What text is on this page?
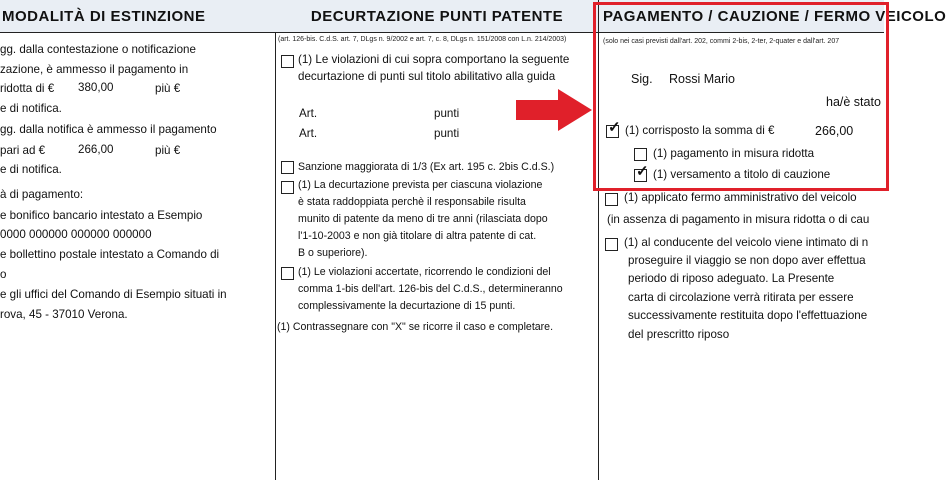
MODALITÀ DI ESTINZIONE
gg. dalla contestazione o notificazione
zazione, è ammesso il pagamento in
ridotta di € 380,00	più €
e di notifica.
gg. dalla notifica è ammesso il pagamento
pari ad €	266,00	più €
e di notifica.
à di pagamento:
e bonifico bancario intestato a Esempio
0000 000000 000000 000000
e bollettino postale intestato a Comando di
o
e gli uffici del Comando di Esempio situati in
rova, 45 - 37010 Verona.
DECURTAZIONE PUNTI PATENTE
(art. 126-bis. C.d.S. art. 7, DLgs n. 9/2002 e art. 7, c. 8, DLgs n. 151/2008 con L.n. 214/2003)
(1) Le violazioni di cui sopra comportano la seguente
decurtazione di punti sul titolo abilitativo alla guida
Art.	punti
Art.	punti
Sanzione maggiorata di 1/3 (Ex art. 195 c. 2bis C.d.S.)
(1) La decurtazione prevista per ciascuna violazione
è stata raddoppiata perchè il responsabile risulta
munito di patente da meno di tre anni (rilasciata dopo
l'1-10-2003 e non già titolare di altra patente di cat.
B o superiore).
(1) Le violazioni accertate, ricorrendo le condizioni del
comma 1-bis dell'art. 126-bis del C.d.S., determineranno
complessivamente la decurtazione di 15 punti.
(1) Contrassegnare con "X" se ricorre il caso e completare.
PAGAMENTO / CAUZIONE / FERMO VEICOLO
(solo nei casi previsti dall'art. 202, commi 2-bis, 2-ter, 2-quater e dall'art. 207
Sig. Rossi Mario
ha/è stato
✓ (1) corrisposto la somma di €	266,00
(1) pagamento in misura ridotta
✓ (1) versamento a titolo di cauzione
(1) applicato fermo amministrativo del veicolo
(in assenza di pagamento in misura ridotta o di cau
(1) al conducente del veicolo viene intimato di n
proseguire il viaggio se non dopo aver effettua
periodo di riposo adeguato. La Presente
carta di circolazione verrà ritirata per essere
successivamente restituita dopo l'effettuazione
del prescritto riposo
